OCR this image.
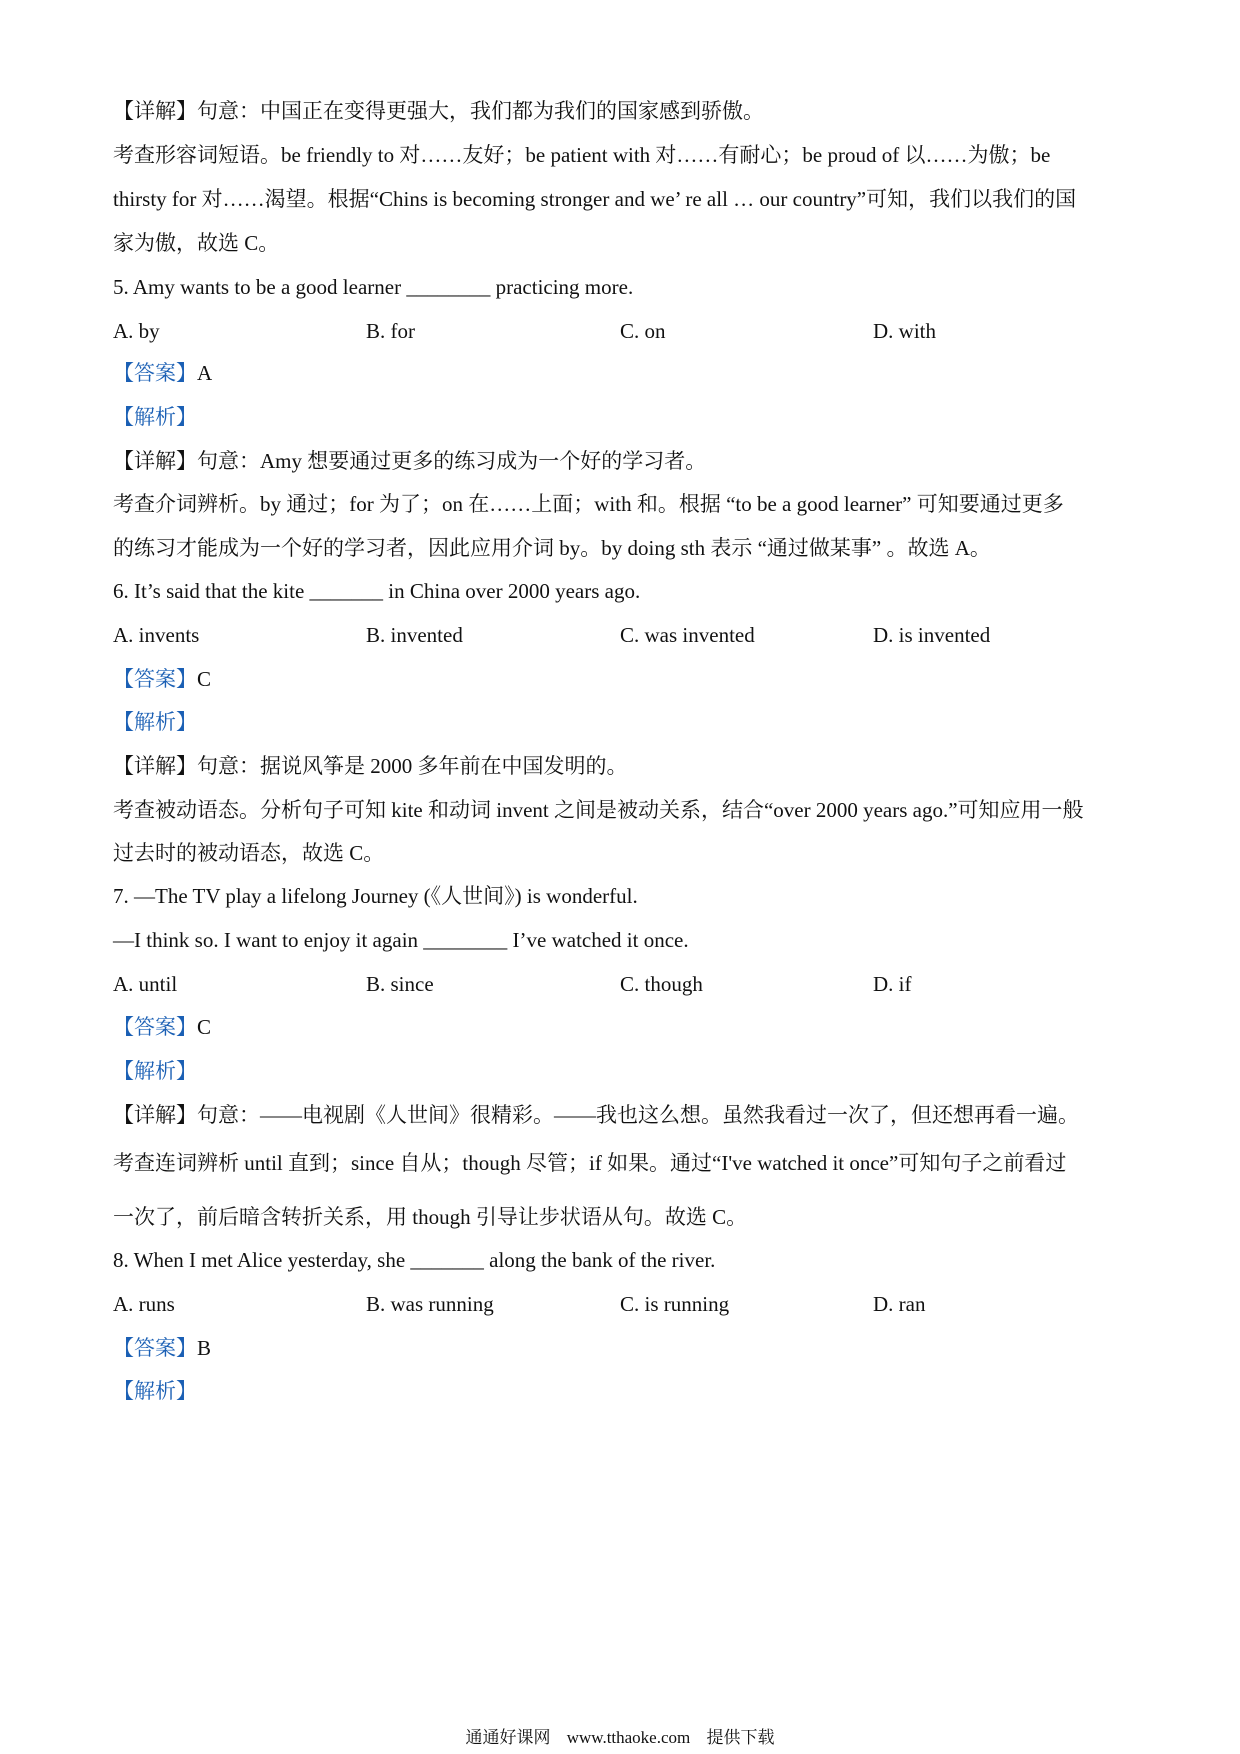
【详解】句意：中国正在变得更强大，我们都为我们的国家感到骄傲。
考查形容词短语。be friendly to 对……友好；be patient with 对……有耐心；be proud of 以……为傲；be
thirsty for 对……渴望。根据“Chins is becoming stronger and we’ re all … our country”可知，我们以我们的国
家为傲，故选 C。
5. Amy wants to be a good learner ________ practicing more.
A. by	B. for	C. on	D. with
【答案】A
【解析】
【详解】句意：Amy 想要通过更多的练习成为一个好的学习者。
考查介词辨析。by 通过；for 为了；on 在……上面；with 和。根据 “to be a good learner” 可知要通过更多
的练习才能成为一个好的学习者，因此应用介词 by。by doing sth 表示 “通过做某事” 。故选 A。
6. It’s said that the kite _______ in China over 2000 years ago.
A. invents	B. invented	C. was invented	D. is invented
【答案】C
【解析】
【详解】句意：据说风筝是 2000 多年前在中国发明的。
考查被动语态。分析句子可知 kite 和动词 invent 之间是被动关系，结合“over 2000 years ago.”可知应用一般
过去时的被动语态，故选 C。
7. —The TV play a lifelong Journey (《人世间》) is wonderful.
—I think so. I want to enjoy it again ________ I’ve watched it once.
A. until	B. since	C. though	D. if
【答案】C
【解析】
【详解】句意：——电视剧《人世间》很精彩。——我也这么想。虽然我看过一次了，但还想再看一遍。
考查连词辨析 until 直到；since 自从；though 尽管；if 如果。通过“I've watched it once”可知句子之前看过
一次了，前后暗含转折关系，用 though 引导让步状语从句。故选 C。
8. When I met Alice yesterday, she _______ along the bank of the river.
A. runs	B. was running	C. is running	D. ran
【答案】B
【解析】
通通好课网 www.tthaoke.com 提供下载
